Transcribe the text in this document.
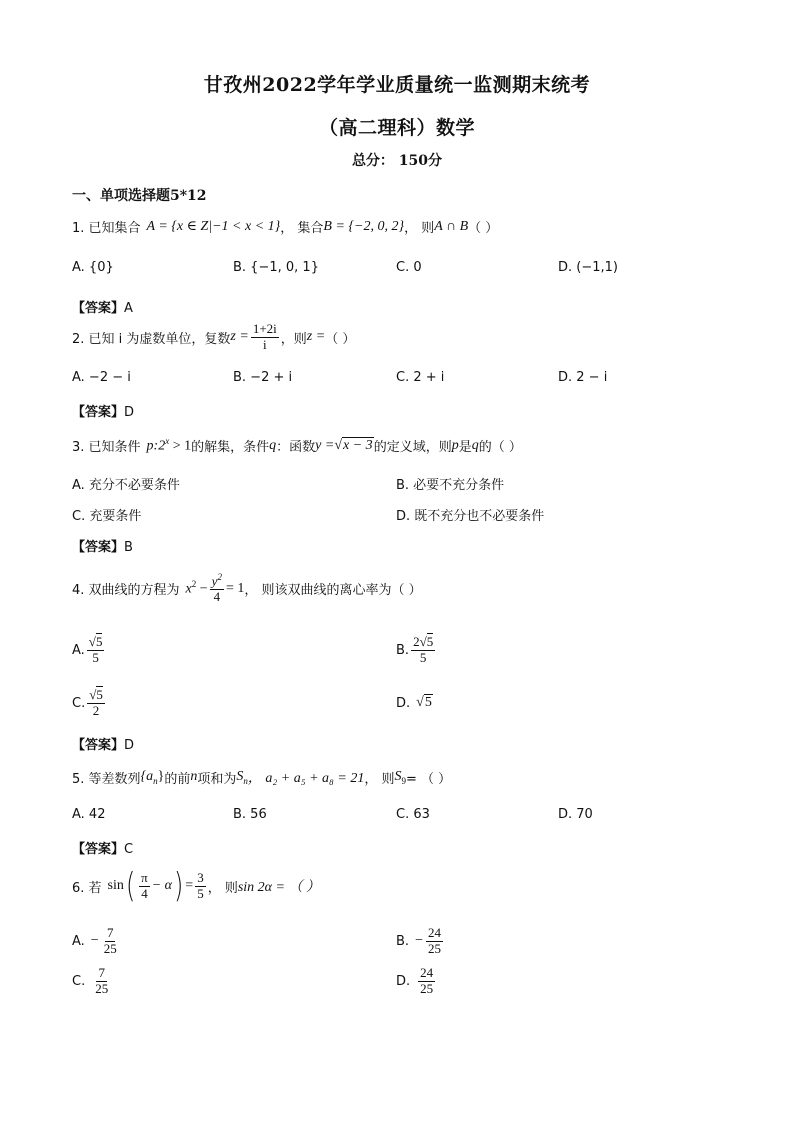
甘孜州2022学年学业质量统一监测期末统考
（高二理科）数学
总分： 150分
一、单项选择题5*12
1. 已知集合 A = {x ∈ Z|−1 < x < 1} ， 集合 B = {−2, 0, 2} ， 则 A ∩ B （ ）
A. {0}	B. {−1, 0, 1}	C. 0	D. (−1,1)
【答案】A
2. 已知 i 为虚数单位，复数 $z = \frac{1+2i}{i}$ ，则 z = （ ）
A. −2 − i	B. −2 + i	C. 2 + i	D. 2 − i
【答案】D
3. 已知条件 $p:2^x > 1$ 的解集，条件 q ：函数 y = √x − 3 的定义域，则 p 是 q 的（ ）
A. 充分不必要条件	B. 必要不充分条件
C. 充要条件	D. 既不充分也不必要条件
【答案】B
4. 双曲线的方程为 $x^2 - \frac{y^2}{4} = 1$ ， 则该双曲线的离心率为（ ）
A. $\frac{√5}{5}$	B. $\frac{2√5}{5}$
C. $\frac{√5}{2}$	D. √5
【答案】D
5. 等差数列 $\{a_n\}$ 的前 n 项和为 $S_n$ ， a₂ + a₅ + a₈ = 21 ， 则 $S_9$ = （ ）
A. 42	B. 56	C. 63	D. 70
【答案】C
6. 若 sin ( $\frac{\pi}{4} - \alpha$ ) = $\frac{3}{5}$ ， 则 sin 2α = （ ）
A. − $\frac{7}{25}$	B. − $\frac{24}{25}$
C. $\frac{7}{25}$	D. $\frac{24}{25}$
